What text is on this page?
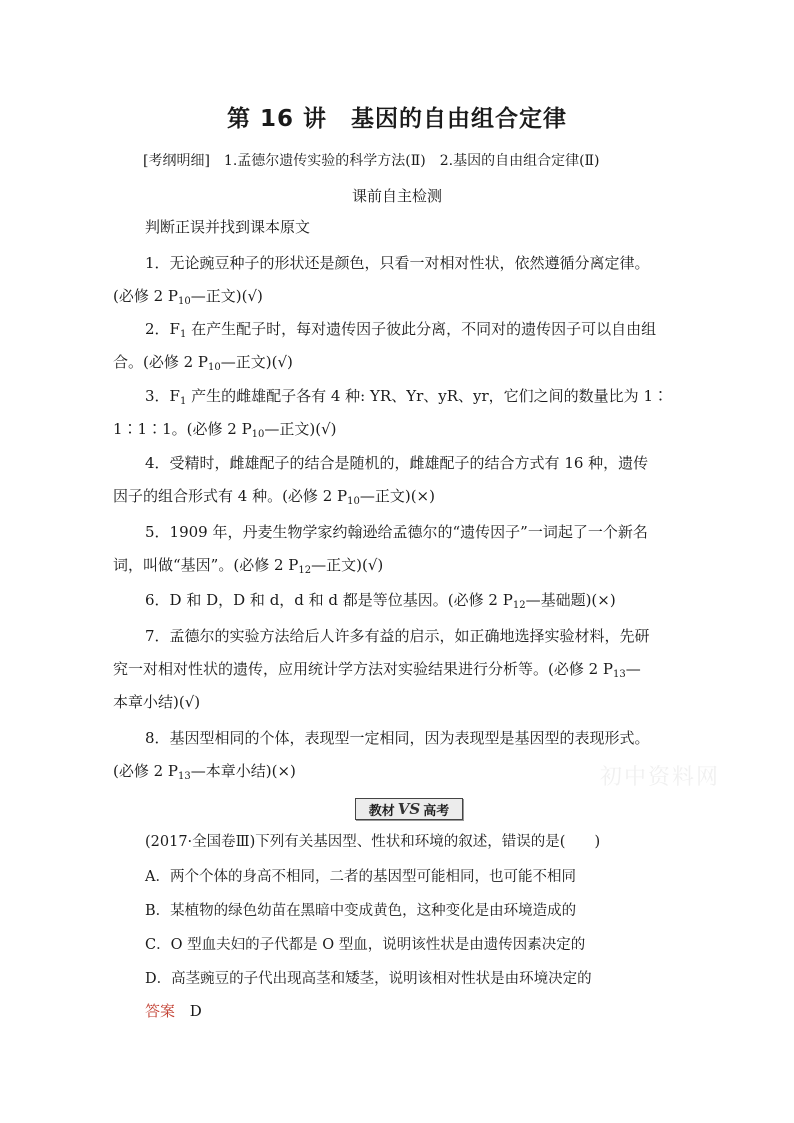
第 16 讲　基因的自由组合定律
[考纲明细]　1.孟德尔遗传实验的科学方法(Ⅱ)　2.基因的自由组合定律(Ⅱ)
课前自主检测
判断正误并找到课本原文
1．无论豌豆种子的形状还是颜色，只看一对相对性状，依然遵循分离定律。
(必修 2 $P_{10}—$正文)(√)
2．$F_1$ 在产生配子时，每对遗传因子彼此分离，不同对的遗传因子可以自由组
合。(必修 2 $P_{10}—$正文)(√)
3．$F_1$ 产生的雌雄配子各有 4 种: YR、Yr、yR、yr，它们之间的数量比为 1∶
1∶1∶1。(必修 2 $P_{10}—$正文)(√)
4．受精时，雌雄配子的结合是随机的，雌雄配子的结合方式有 16 种，遗传
因子的组合形式有 4 种。(必修 2 $P_{10}—$正文)(×)
5．1909 年，丹麦生物学家约翰逊给孟德尔的“遗传因子”一词起了一个新名
词，叫做“基因”。(必修 2 $P_{12}—$正文)(√)
6．D 和 D，D 和 d，d 和 d 都是等位基因。(必修 2 $P_{12}—$基础题)(×)
7．孟德尔的实验方法给后人许多有益的启示，如正确地选择实验材料，先研
究一对相对性状的遗传，应用统计学方法对实验结果进行分析等。(必修 2 $P_{13}—$
本章小结)(√)
8．基因型相同的个体，表现型一定相同，因为表现型是基因型的表现形式。
(必修 2 $P_{13}—$本章小结)(×)	初中资料网
教材 VS 高考
(2017·全国卷Ⅲ)下列有关基因型、性状和环境的叙述，错误的是(　　)
A．两个个体的身高不相同，二者的基因型可能相同，也可能不相同
B．某植物的绿色幼苗在黑暗中变成黄色，这种变化是由环境造成的
C．O 型血夫妇的子代都是 O 型血，说明该性状是由遗传因素决定的
D．高茎豌豆的子代出现高茎和矮茎，说明该相对性状是由环境决定的
答案 D
